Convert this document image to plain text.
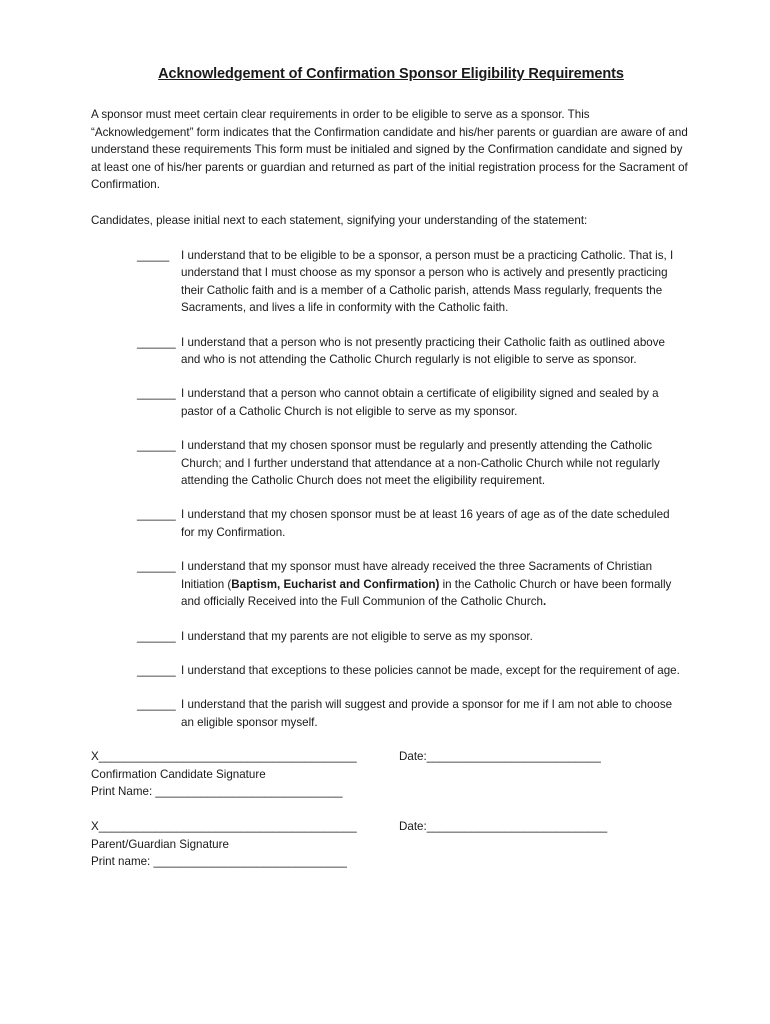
Acknowledgement of Confirmation Sponsor Eligibility Requirements
A sponsor must meet certain clear requirements in order to be eligible to serve as a sponsor. This “Acknowledgement” form indicates that the Confirmation candidate and his/her parents or guardian are aware of and understand these requirements This form must be initialed and signed by the Confirmation candidate and signed by at least one of his/her parents or guardian and returned as part of the initial registration process for the Sacrament of Confirmation.
Candidates, please initial next to each statement, signifying your understanding of the statement:
_____	I understand that to be eligible to be a sponsor, a person must be a practicing Catholic. That is, I understand that I must choose as my sponsor a person who is actively and presently practicing their Catholic faith and is a member of a Catholic parish, attends Mass regularly, frequents the Sacraments, and lives a life in conformity with the Catholic faith.
______ I understand that a person who is not presently practicing their Catholic faith as outlined above and who is not attending the Catholic Church regularly is not eligible to serve as sponsor.
______ I understand that a person who cannot obtain a certificate of eligibility signed and sealed by a pastor of a Catholic Church is not eligible to serve as my sponsor.
______ I understand that my chosen sponsor must be regularly and presently attending the Catholic Church; and I further understand that attendance at a non-Catholic Church while not regularly attending the Catholic Church does not meet the eligibility requirement.
______ I understand that my chosen sponsor must be at least 16 years of age as of the date scheduled for my Confirmation.
______ I understand that my sponsor must have already received the three Sacraments of Christian Initiation (Baptism, Eucharist and Confirmation) in the Catholic Church or have been formally and officially Received into the Full Communion of the Catholic Church.
______ I understand that my parents are not eligible to serve as my sponsor.
______ I understand that exceptions to these policies cannot be made, except for the requirement of age.
______ I understand that the parish will suggest and provide a sponsor for me if I am not able to choose an eligible sponsor myself.
X________________________________________	Date:___________________________
Confirmation Candidate Signature
Print Name: _____________________________
X________________________________________	Date:____________________________
Parent/Guardian Signature
Print name: ______________________________
